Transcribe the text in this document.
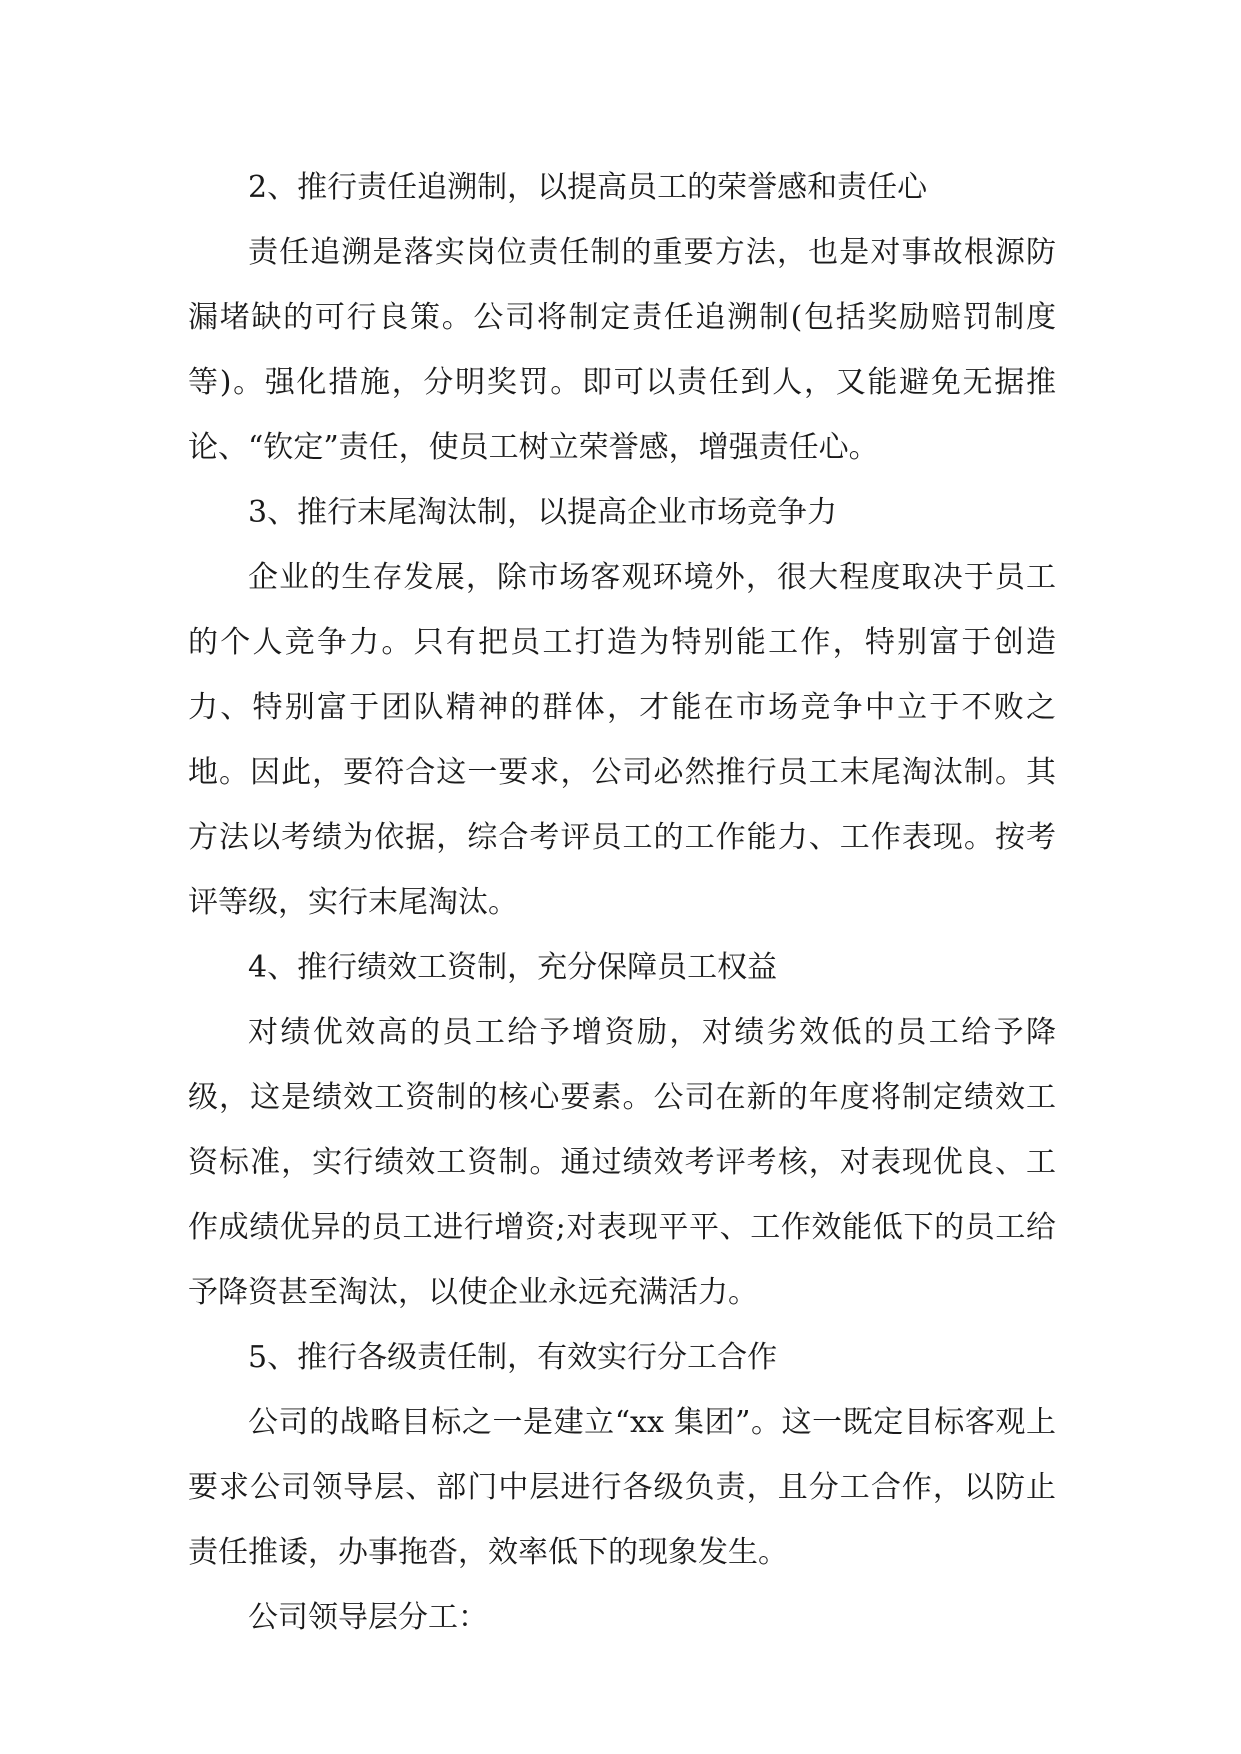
2、推行责任追溯制，以提高员工的荣誉感和责任心

责任追溯是落实岗位责任制的重要方法，也是对事故根源防漏堵缺的可行良策。公司将制定责任追溯制(包括奖励赔罚制度等)。强化措施，分明奖罚。即可以责任到人，又能避免无据推论、“钦定”责任，使员工树立荣誉感，增强责任心。

3、推行末尾淘汰制，以提高企业市场竞争力

企业的生存发展，除市场客观环境外，很大程度取决于员工的个人竞争力。只有把员工打造为特别能工作，特别富于创造力、特别富于团队精神的群体，才能在市场竞争中立于不败之地。因此，要符合这一要求，公司必然推行员工末尾淘汰制。其方法以考绩为依据，综合考评员工的工作能力、工作表现。按考评等级，实行末尾淘汰。

4、推行绩效工资制，充分保障员工权益

对绩优效高的员工给予增资励，对绩劣效低的员工给予降级，这是绩效工资制的核心要素。公司在新的年度将制定绩效工资标准，实行绩效工资制。通过绩效考评考核，对表现优良、工作成绩优异的员工进行增资;对表现平平、工作效能低下的员工给予降资甚至淘汰，以使企业永远充满活力。

5、推行各级责任制，有效实行分工合作

公司的战略目标之一是建立“xx 集团”。这一既定目标客观上要求公司领导层、部门中层进行各级负责，且分工合作，以防止责任推诿，办事拖沓，效率低下的现象发生。

公司领导层分工：
